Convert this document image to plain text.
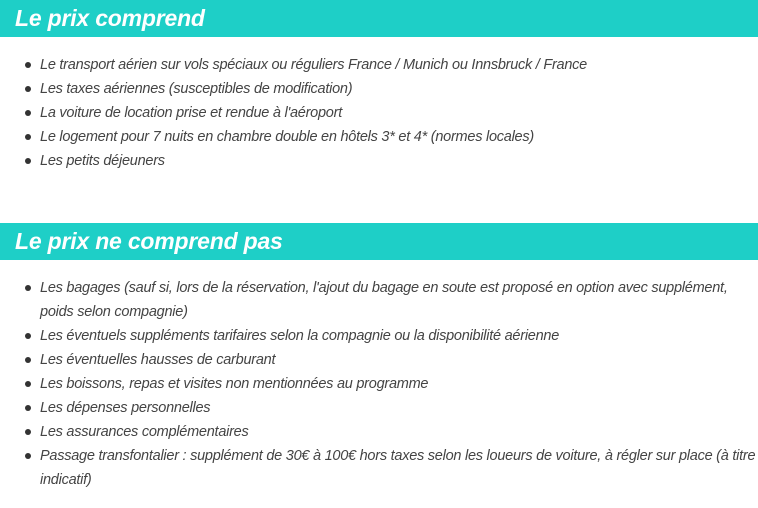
Le prix comprend
Le transport aérien sur vols spéciaux ou réguliers France / Munich ou Innsbruck / France
Les taxes aériennes (susceptibles de modification)
La voiture de location prise et rendue à l'aéroport
Le logement pour 7 nuits en chambre double en hôtels 3* et 4* (normes locales)
Les petits déjeuners
Le prix ne comprend pas
Les bagages (sauf si, lors de la réservation, l'ajout du bagage en soute est proposé en option avec supplément, poids selon compagnie)
Les éventuels suppléments tarifaires selon la compagnie ou la disponibilité aérienne
Les éventuelles hausses de carburant
Les boissons, repas et visites non mentionnées au programme
Les dépenses personnelles
Les assurances complémentaires
Passage transfontalier : supplément de 30€ à 100€ hors taxes selon les loueurs de voiture, à régler sur place (à titre indicatif)
